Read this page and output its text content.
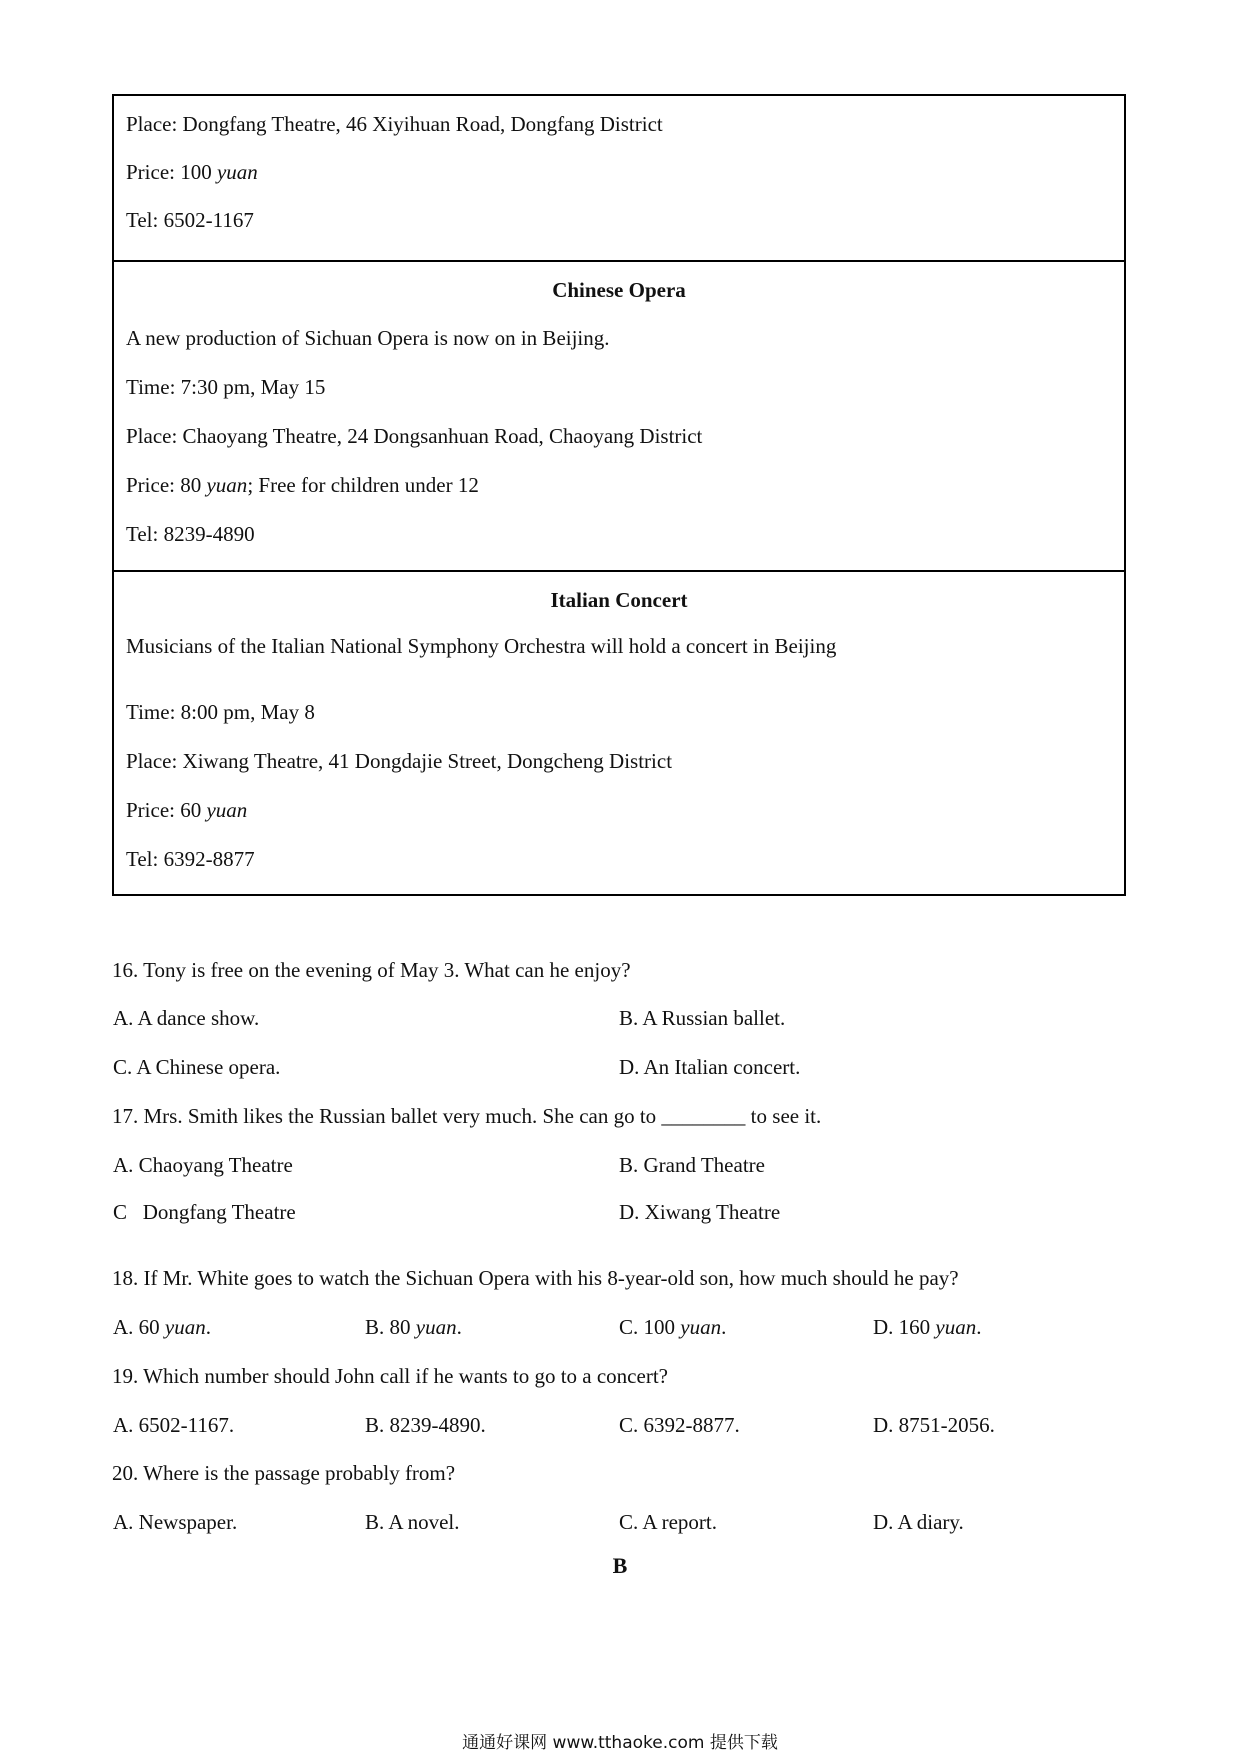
Place: Dongfang Theatre, 46 Xiyihuan Road, Dongfang District
Price: 100 yuan
Tel: 6502-1167
Chinese Opera
A new production of Sichuan Opera is now on in Beijing.
Time: 7:30 pm, May 15
Place: Chaoyang Theatre, 24 Dongsanhuan Road, Chaoyang District
Price: 80 yuan; Free for children under 12
Tel: 8239-4890
Italian Concert
Musicians of the Italian National Symphony Orchestra will hold a concert in Beijing
Time: 8:00 pm, May 8
Place: Xiwang Theatre, 41 Dongdajie Street, Dongcheng District
Price: 60 yuan
Tel: 6392-8877
16. Tony is free on the evening of May 3. What can he enjoy?
A. A dance show.	B. A Russian ballet.
C. A Chinese opera.	D. An Italian concert.
17. Mrs. Smith likes the Russian ballet very much. She can go to ________ to see it.
A. Chaoyang Theatre	B. Grand Theatre
C   Dongfang Theatre	D. Xiwang Theatre
18. If Mr. White goes to watch the Sichuan Opera with his 8-year-old son, how much should he pay?
A. 60 yuan.	B. 80 yuan.	C. 100 yuan.	D. 160 yuan.
19. Which number should John call if he wants to go to a concert?
A. 6502-1167.	B. 8239-4890.	C. 6392-8877.	D. 8751-2056.
20. Where is the passage probably from?
A. Newspaper.	B. A novel.	C. A report.	D. A diary.
B
通通好课网 www.tthaoke.com 提供下载
